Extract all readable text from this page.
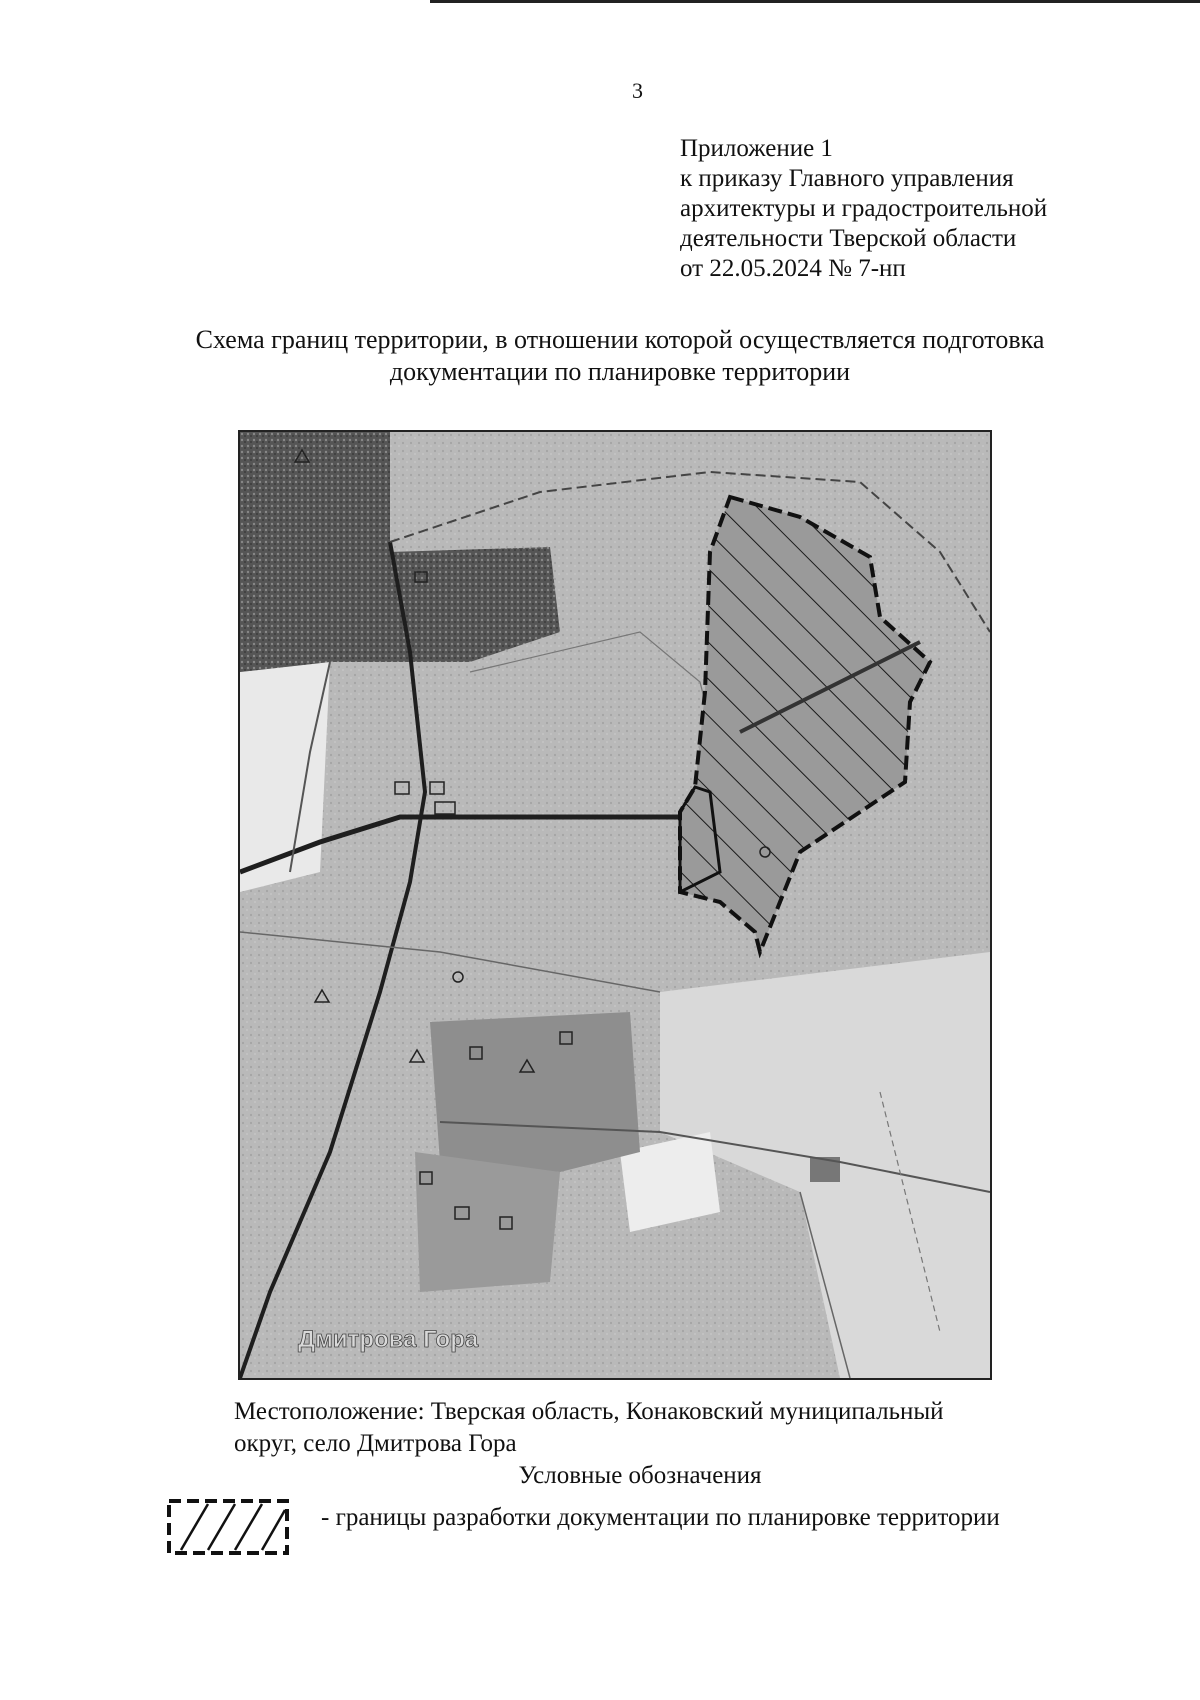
3
Приложение 1
к приказу Главного управления
архитектуры и градостроительной
деятельности Тверской области
от 22.05.2024 № 7-нп
Схема границ территории, в отношении которой осуществляется подготовка
документации по планировке территории
Дмитрова Гора
Местоположение: Тверская область, Конаковский муниципальный
округ, село Дмитрова Гора
Условные обозначения
- границы разработки документации по планировке территории
